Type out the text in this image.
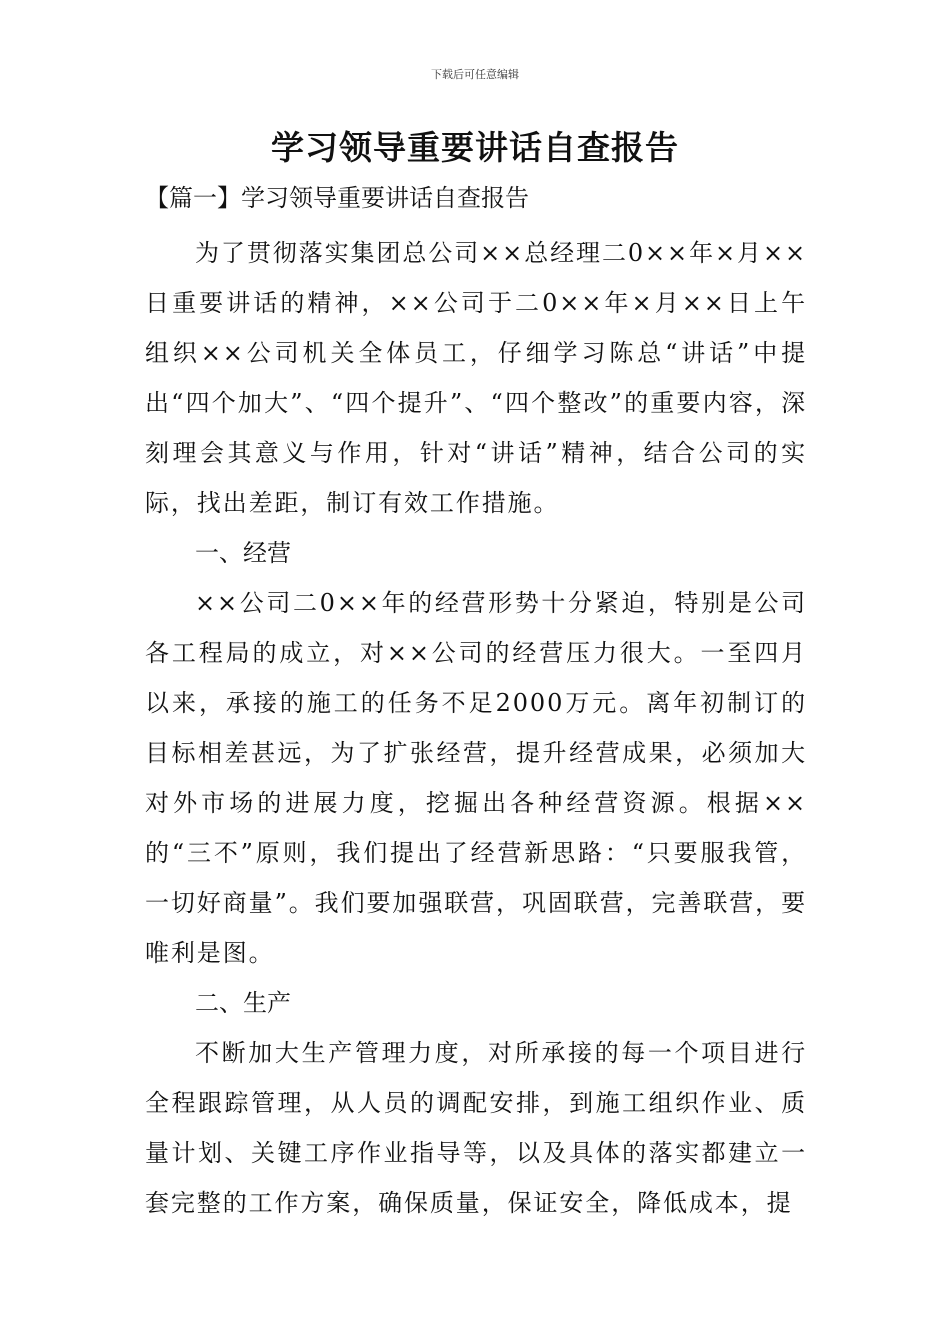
下载后可任意编辑
学习领导重要讲话自查报告
【篇一】学习领导重要讲话自查报告

为了贯彻落实集团总公司××总经理二0××年×月××日重要讲话的精神，××公司于二0××年×月××日上午组织××公司机关全体员工，仔细学习陈总“讲话”中提出“四个加大”、“四个提升”、“四个整改”的重要内容，深刻理会其意义与作用，针对“讲话”精神，结合公司的实际，找出差距，制订有效工作措施。

一、经营

××公司二0××年的经营形势十分紧迫，特别是公司各工程局的成立，对××公司的经营压力很大。一至四月以来，承接的施工的任务不足2000万元。离年初制订的目标相差甚远，为了扩张经营，提升经营成果，必须加大对外市场的进展力度，挖掘出各种经营资源。根据××的“三不”原则，我们提出了经营新思路：“只要服我管，一切好商量”。我们要加强联营，巩固联营，完善联营，要唯利是图。

二、生产

不断加大生产管理力度，对所承接的每一个项目进行全程跟踪管理，从人员的调配安排，到施工组织作业、质量计划、关键工序作业指导等，以及具体的落实都建立一套完整的工作方案，确保质量，保证安全，降低成本，提
